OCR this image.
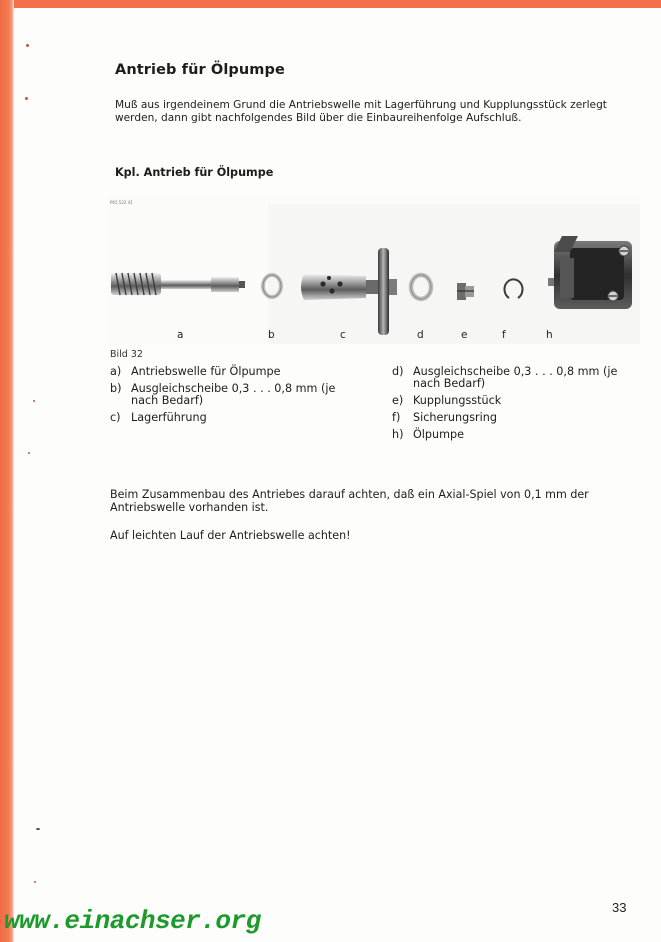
Antrieb für Ölpumpe

Muß aus irgendeinem Grund die Antriebswelle mit Lagerführung und Kupplungsstück zerlegt werden, dann gibt nachfolgendes Bild über die Einbaureihenfolge Aufschluß.

Kpl. Antrieb für Ölpumpe
P65 522 41
a	b	c	d	e	f	h
Bild 32
a) Antriebswelle für Ölpumpe
b) Ausgleichscheibe 0,3 . . . 0,8 mm (je nach Bedarf)
c) Lagerführung
d) Ausgleichscheibe 0,3 . . . 0,8 mm (je nach Bedarf)
e) Kupplungsstück
f)	Sicherungsring
h) Ölpumpe

Beim Zusammenbau des Antriebes darauf achten, daß ein Axial-Spiel von 0,1 mm der Antriebswelle vorhanden ist.

Auf leichten Lauf der Antriebswelle achten!

33
www.einachser.org
